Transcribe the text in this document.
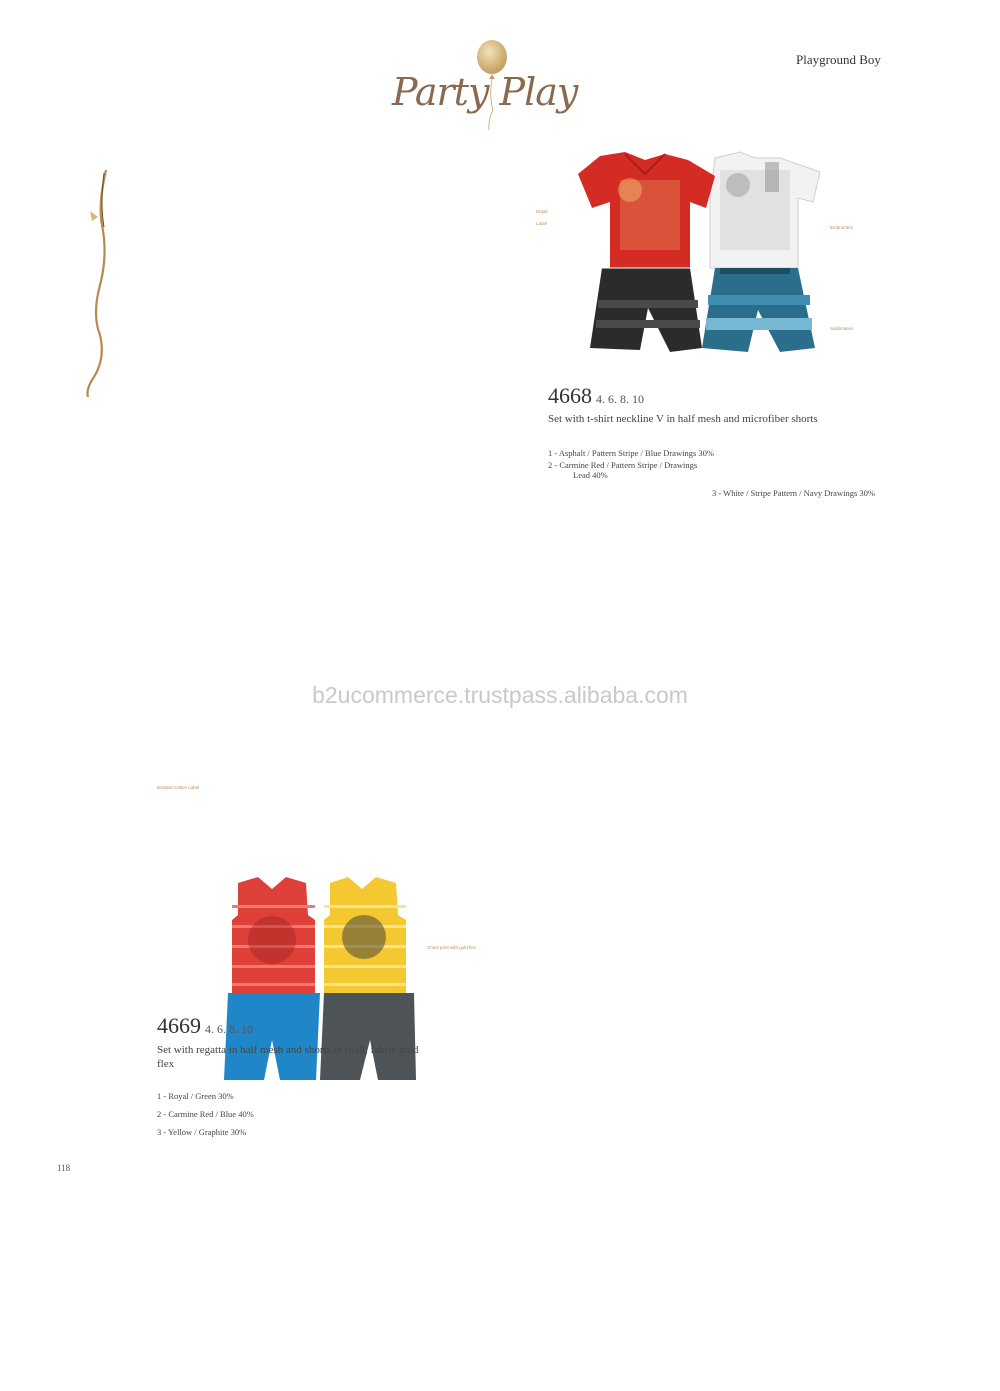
Party Play
Playground Boy
Detail
Label
Embroidery
Sublimation
4668 4. 6. 8. 10
Set with t-shirt neckline V in half mesh and microfiber shorts
1 - Asphalt / Pattern Stripe / Blue Drawings 30%
2 - Carmine Red / Pattern Stripe / Drawings
Lead 40%
3 - White / Stripe Pattern / Navy Drawings 30%
b2ucommerce.trustpass.alibaba.com
Braided Cotton Label
Chest print with gold flex
4669 4. 6. 8. 10
Set with regatta in half mesh and shorts in twill, fabric gold
flex
1 - Royal / Green 30%
2 - Carmine Red / Blue 40%
3 - Yellow / Graphite 30%
118
